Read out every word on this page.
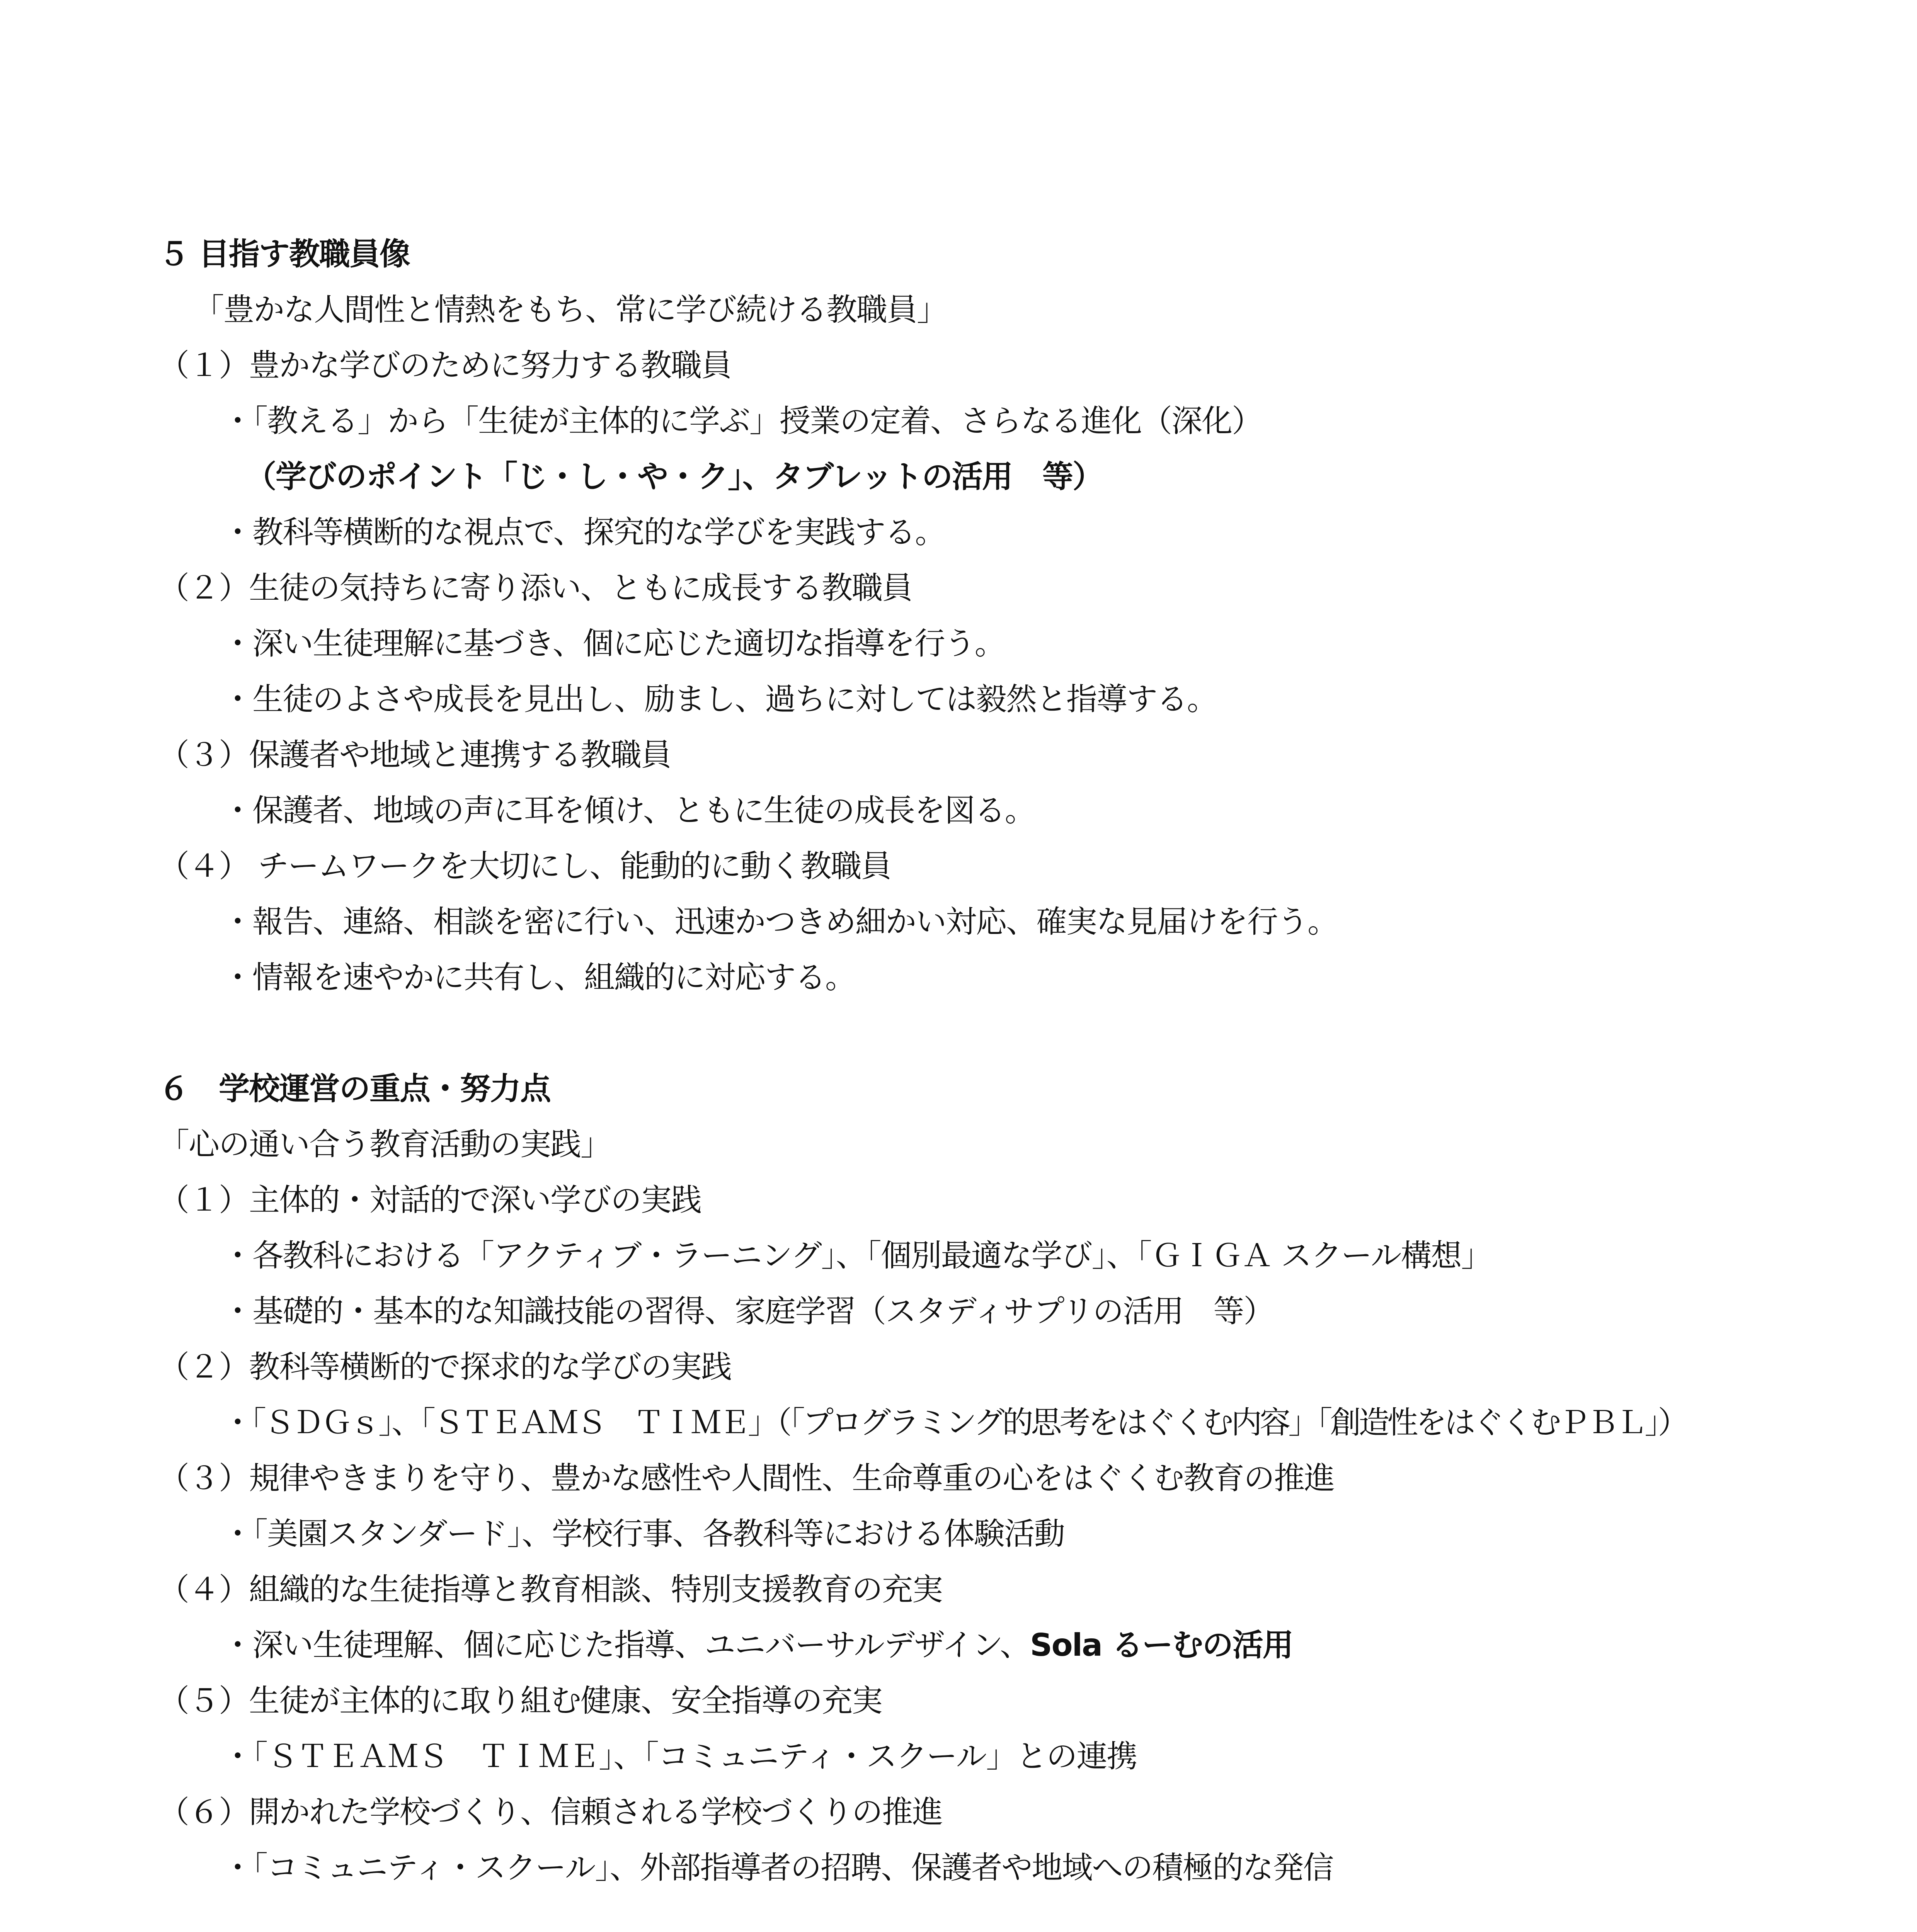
５ 目指す教職員像
「豊かな人間性と情熱をもち、常に学び続ける教職員」
（１）豊かな学びのために努力する教職員
・「教える」から「生徒が主体的に学ぶ」授業の定着、さらなる進化（深化）
（学びのポイント「じ・し・や・ク」、タブレットの活用　等）
・教科等横断的な視点で、探究的な学びを実践する。
（２）生徒の気持ちに寄り添い、ともに成長する教職員
・深い生徒理解に基づき、個に応じた適切な指導を行う。
・生徒のよさや成長を見出し、励まし、過ちに対しては毅然と指導する。
（３）保護者や地域と連携する教職員
・保護者、地域の声に耳を傾け、ともに生徒の成長を図る。
（４） チームワークを大切にし、能動的に動く教職員
・報告、連絡、相談を密に行い、迅速かつきめ細かい対応、確実な見届けを行う。
・情報を速やかに共有し、組織的に対応する。
６　学校運営の重点・努力点
「心の通い合う教育活動の実践」
（１）主体的・対話的で深い学びの実践
・各教科における「アクティブ・ラーニング」、「個別最適な学び」、「ＧＩＧＡ スクール構想」
・基礎的・基本的な知識技能の習得、家庭学習（スタディサプリの活用　等）
（２）教科等横断的で探求的な学びの実践
・「ＳＤＧｓ」、「ＳＴＥＡＭＳ　ＴＩＭＥ」（「プログラミング的思考をはぐくむ内容」「創造性をはぐくむＰＢＬ」）
（３）規律やきまりを守り、豊かな感性や人間性、生命尊重の心をはぐくむ教育の推進
・「美園スタンダード」、学校行事、各教科等における体験活動
（４）組織的な生徒指導と教育相談、特別支援教育の充実
・深い生徒理解、個に応じた指導、ユニバーサルデザイン、Sola るーむの活用
（５）生徒が主体的に取り組む健康、安全指導の充実
・「ＳＴＥＡＭＳ　ＴＩＭＥ」、「コミュニティ・スクール」との連携
（６）開かれた学校づくり、信頼される学校づくりの推進
・「コミュニティ・スクール」、外部指導者の招聘、保護者や地域への積極的な発信
